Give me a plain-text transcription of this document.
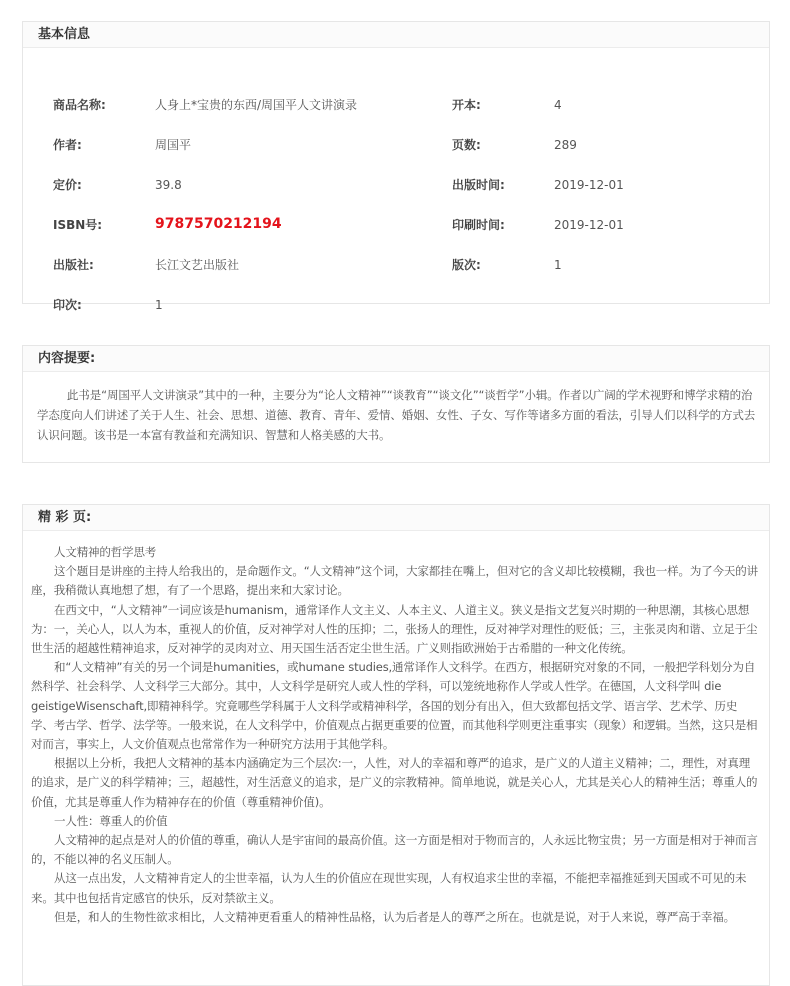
基本信息
商品名称:	人身上*宝贵的东西/周国平人文讲演录	开本:	4
作者:	周国平	页数:	289
定价:	39.8	出版时间:	2019-12-01
ISBN号:	9787570212194	印刷时间:	2019-12-01
出版社:	长江文艺出版社	版次:	1
印次:	1
内容提要:
此书是“周国平人文讲演录”其中的一种，主要分为“论人文精神”“谈教育”“谈文化”“谈哲学”小辑。作者以广阔的学术视野和博学求精的治学态度向人们讲述了关于人生、社会、思想、道德、教育、青年、爱情、婚姻、女性、子女、写作等诸多方面的看法，引导人们以科学的方式去认识问题。该书是一本富有教益和充满知识、智慧和人格美感的大书。
精 彩 页:

人文精神的哲学思考

这个题目是讲座的主持人给我出的，是命题作文。“人文精神”这个词，大家都挂在嘴上，但对它的含义却比较模糊，我也一样。为了今天的讲座，我稍微认真地想了想，有了一个思路，提出来和大家讨论。

在西文中，“人文精神”一词应该是humanism，通常译作人文主义、人本主义、人道主义。狭义是指文艺复兴时期的一种思潮，其核心思想为：一，关心人，以人为本，重视人的价值，反对神学对人性的压抑；二，张扬人的理性，反对神学对理性的贬低；三，主张灵肉和谐、立足于尘世生活的超越性精神追求，反对神学的灵肉对立、用天国生活否定尘世生活。广义则指欧洲始于古希腊的一种文化传统。

和“人文精神”有关的另一个词是humanities，或humane studies,通常译作人文科学。在西方，根据研究对象的不同，一般把学科划分为自然科学、社会科学、人文科学三大部分。其中，人文科学是研究人或人性的学科，可以笼统地称作人学或人性学。在德国，人文科学叫 die geistigeWisenschaft,即精神科学。究竟哪些学科属于人文科学或精神科学，各国的划分有出入，但大致都包括文学、语言学、艺术学、历史学、考古学、哲学、法学等。一般来说，在人文科学中，价值观点占据更重要的位置，而其他科学则更注重事实（现象）和逻辑。当然，这只是相对而言，事实上，人文价值观点也常常作为一种研究方法用于其他学科。

根据以上分析，我把人文精神的基本内涵确定为三个层次:一，人性，对人的幸福和尊严的追求，是广义的人道主义精神；二，理性，对真理的追求，是广义的科学精神；三，超越性，对生活意义的追求，是广义的宗教精神。简单地说，就是关心人，尤其是关心人的精神生活；尊重人的价值，尤其是尊重人作为精神存在的价值（尊重精神价值)。

一人性：尊重人的价值

人文精神的起点是对人的价值的尊重，确认人是宇宙间的最高价值。这一方面是相对于物而言的，人永远比物宝贵；另一方面是相对于神而言的，不能以神的名义压制人。

从这一点出发，人文精神肯定人的尘世幸福，认为人生的价值应在现世实现，人有权追求尘世的幸福，不能把幸福推延到天国或不可见的未来。其中也包括肯定感官的快乐，反对禁欲主义。

但是，和人的生物性欲求相比，人文精神更看重人的精神性品格，认为后者是人的尊严之所在。也就是说，对于人来说，尊严高于幸福。
